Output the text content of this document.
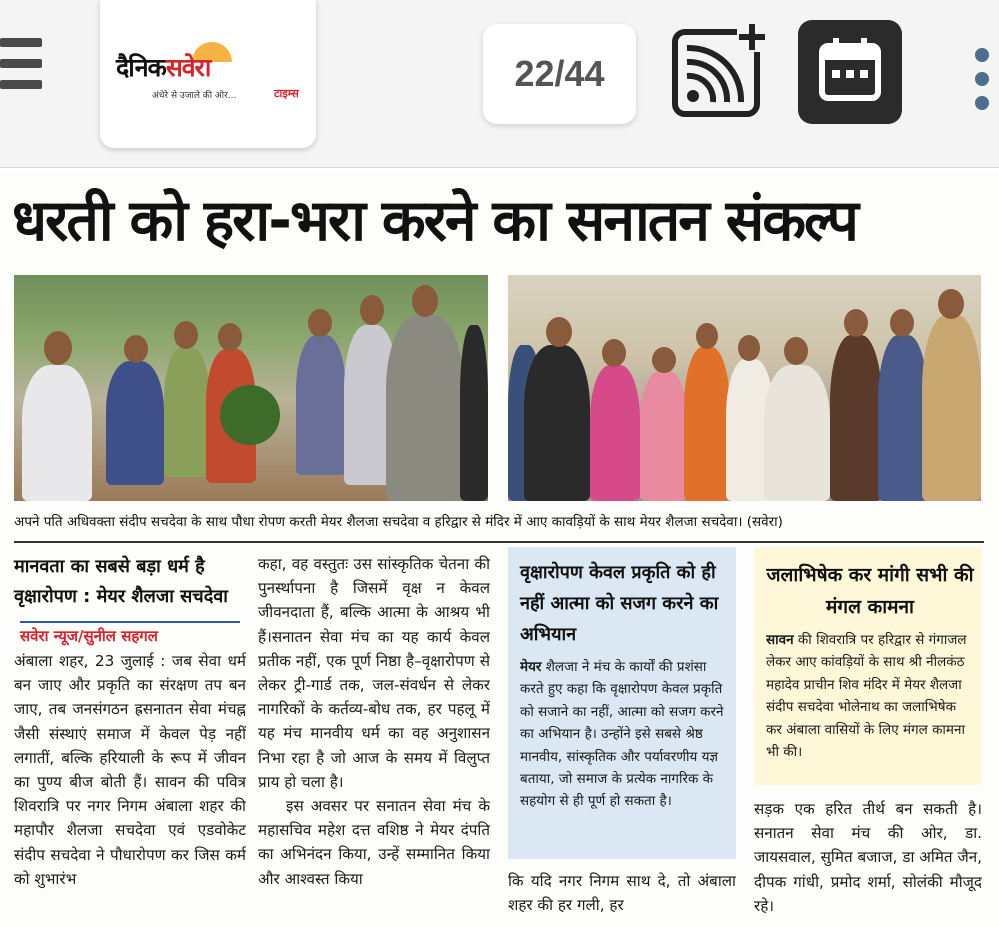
दैनिकसवेरा
अंधेरे से उजाले की ओर...	टाइम्स	22/44
धरती को हरा-भरा करने का सनातन संकल्प
अपने पति अधिवक्ता संदीप सचदेवा के साथ पौधा रोपण करती मेयर शैलजा सचदेवा व हरिद्वार से मंदिर में आए कावड़ियों के साथ मेयर शैलजा सचदेवा। (सवेरा)
मानवता का सबसे बड़ा धर्म है वृक्षारोपण : मेयर शैलजा सचदेवा
सवेरा न्यूज/सुनील सहगल

अंबाला शहर, 23 जुलाई : जब सेवा धर्म बन जाए और प्रकृति का संरक्षण तप बन जाए, तब जनसंगठन ह्रसनातन सेवा मंचह्न जैसी संस्थाएं समाज में केवल पेड़ नहीं लगातीं, बल्कि हरियाली के रूप में जीवन का पुण्य बीज बोती हैं। सावन की पवित्र शिवरात्रि पर नगर निगम अंबाला शहर की महापौर शैलजा सचदेवा एवं एडवोकेट संदीप सचदेवा ने पौधारोपण कर जिस कर्म को शुभारंभ

कहा, वह वस्तुतः उस सांस्कृतिक चेतना की पुनर्स्थापना है जिसमें वृक्ष न केवल जीवनदाता हैं, बल्कि आत्मा के आश्रय भी हैं।सनातन सेवा मंच का यह कार्य केवल प्रतीक नहीं, एक पूर्ण निष्ठा है–वृक्षारोपण से लेकर ट्री-गार्ड तक, जल-संवर्धन से लेकर नागरिकों के कर्तव्य-बोध तक, हर पहलू में यह मंच मानवीय धर्म का वह अनुशासन निभा रहा है जो आज के समय में विलुप्त प्राय हो चला है।

इस अवसर पर सनातन सेवा मंच के महासचिव महेश दत्त वशिष्ठ ने मेयर दंपति का अभिनंदन किया, उन्हें सम्मानित किया और आश्वस्त किया

वृक्षारोपण केवल प्रकृति को ही नहीं आत्मा को सजग करने का अभियान
मेयर शैलजा ने मंच के कार्यों की प्रशंसा करते हुए कहा कि वृक्षारोपण केवल प्रकृति को सजाने का नहीं, आत्मा को सजग करने का अभियान है। उन्होंने इसे सबसे श्रेष्ठ मानवीय, सांस्कृतिक और पर्यावरणीय यज्ञ बताया, जो समाज के प्रत्येक नागरिक के सहयोग से ही पूर्ण हो सकता है।

कि यदि नगर निगम साथ दे, तो अंबाला शहर की हर गली, हर

जलाभिषेक कर मांगी सभी की मंगल कामना
सावन की शिवरात्रि पर हरिद्वार से गंगाजल लेकर आए कांवड़ियों के साथ श्री नीलकंठ महादेव प्राचीन शिव मंदिर में मेयर शैलजा संदीप सचदेवा भोलेनाथ का जलाभिषेक कर अंबाला वासियों के लिए मंगल कामना भी की।

सड़क एक हरित तीर्थ बन सकती है। सनातन सेवा मंच की ओर, डा. जायसवाल, सुमित बजाज, डा अमित जैन, दीपक गांधी, प्रमोद शर्मा, सोलंकी मौजूद रहे।
